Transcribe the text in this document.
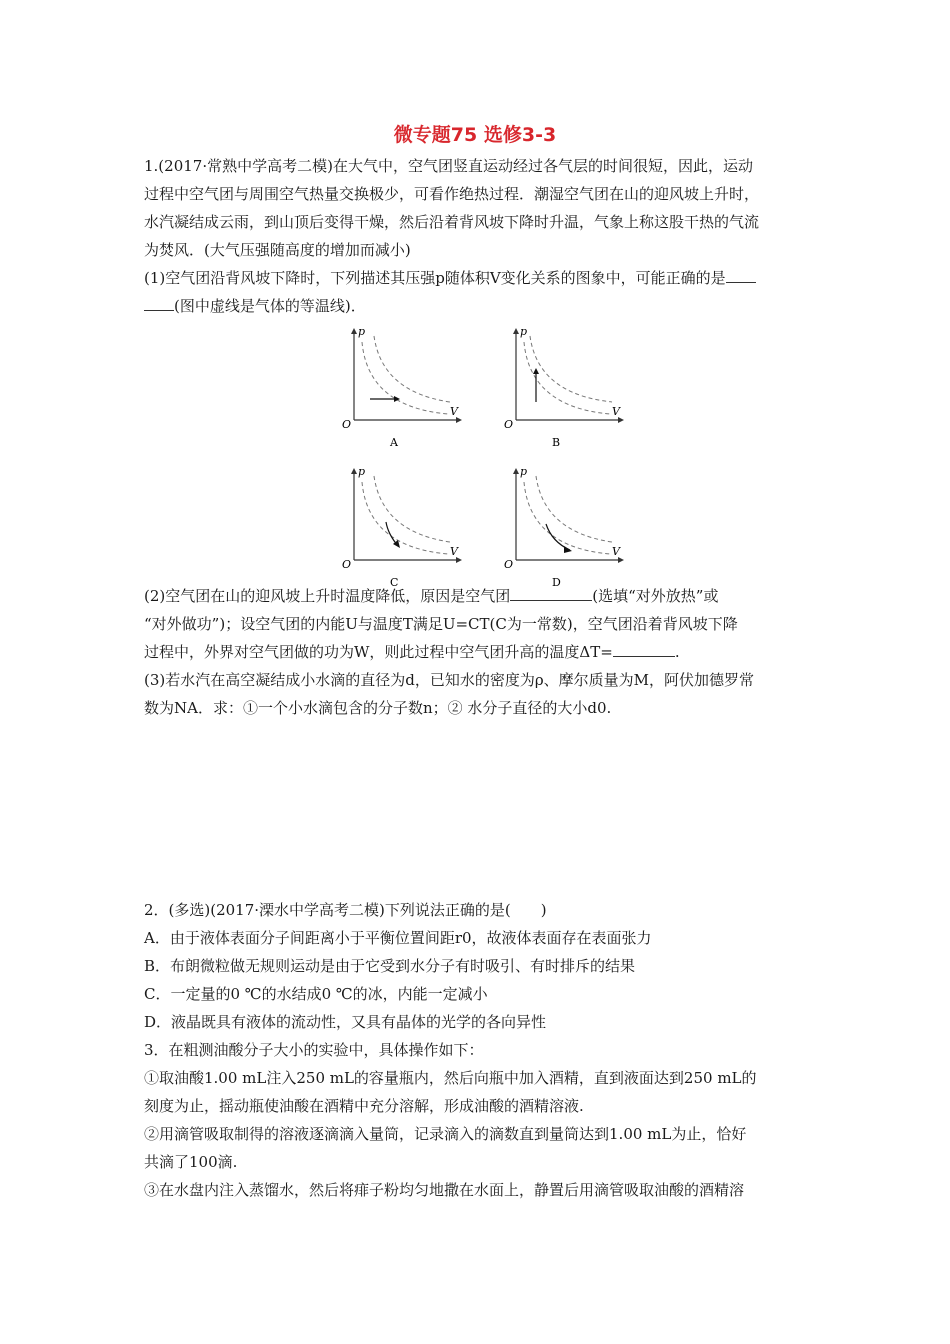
微专题75 选修3-3
1.(2017·常熟中学高考二模)在大气中，空气团竖直运动经过各气层的时间很短，因此，运动
过程中空气团与周围空气热量交换极少，可看作绝热过程．潮湿空气团在山的迎风坡上升时，
水汽凝结成云雨，到山顶后变得干燥，然后沿着背风坡下降时升温，气象上称这股干热的气流
为焚风．(大气压强随高度的增加而减小)
(1)空气团沿背风坡下降时，下列描述其压强p随体积V变化关系的图象中，可能正确的是
(图中虚线是气体的等温线)．
p
V
O
A
p
V
O
B
p
V
O
C
p
V
O
D
(2)空气团在山的迎风坡上升时温度降低，原因是空气团	(选填“对外放热”或
“对外做功”)；设空气团的内能U与温度T满足U=CT(C为一常数)，空气团沿着背风坡下降
过程中，外界对空气团做的功为W，则此过程中空气团升高的温度ΔT=	.
(3)若水汽在高空凝结成小水滴的直径为d，已知水的密度为ρ、摩尔质量为M，阿伏加德罗常
数为NA．求：①一个小水滴包含的分子数n；② 水分子直径的大小d0.
2．(多选)(2017·溧水中学高考二模)下列说法正确的是(　　)
A．由于液体表面分子间距离小于平衡位置间距r0，故液体表面存在表面张力
B．布朗微粒做无规则运动是由于它受到水分子有时吸引、有时排斥的结果
C．一定量的0 ℃的水结成0 ℃的冰，内能一定减小
D．液晶既具有液体的流动性，又具有晶体的光学的各向异性
3．在粗测油酸分子大小的实验中，具体操作如下：
①取油酸1.00 mL注入250 mL的容量瓶内，然后向瓶中加入酒精，直到液面达到250 mL的
刻度为止，摇动瓶使油酸在酒精中充分溶解，形成油酸的酒精溶液.
②用滴管吸取制得的溶液逐滴滴入量筒，记录滴入的滴数直到量筒达到1.00 mL为止，恰好
共滴了100滴.
③在水盘内注入蒸馏水，然后将痱子粉均匀地撒在水面上，静置后用滴管吸取油酸的酒精溶
